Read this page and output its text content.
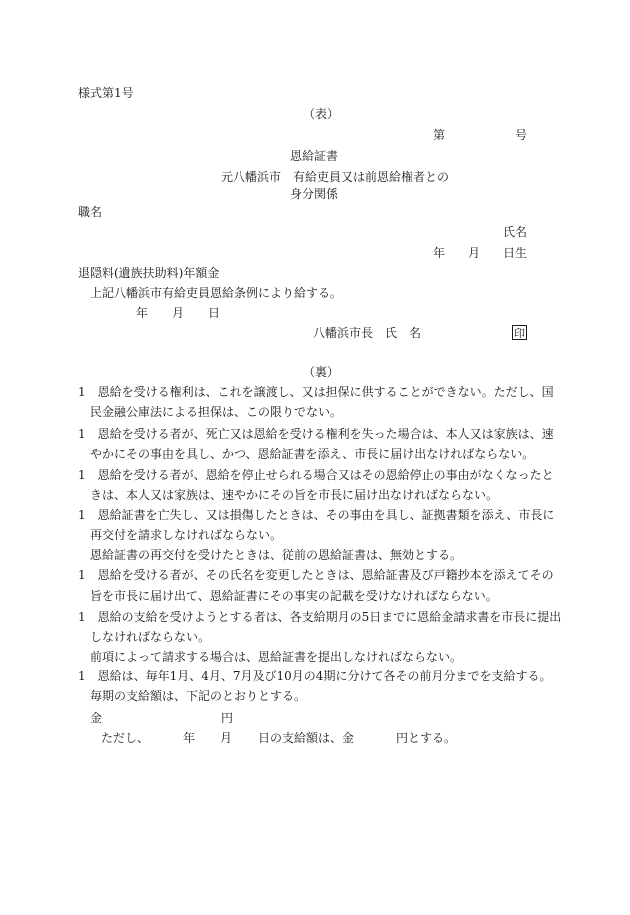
様式第1号
（表）
第	号
恩給証書
元八幡浜市　有給吏員又は前恩給権者との
身分関係
職名
氏名
年 月 日生
退隠料(遺族扶助料)年額金
上記八幡浜市有給吏員恩給条例により給する。
年 月 日
八幡浜市長　氏　名	印
（裏）
1　恩給を受ける権利は、これを譲渡し、又は担保に供することができない。ただし、国
民金融公庫法による担保は、この限りでない。
1　恩給を受ける者が、死亡又は恩給を受ける権利を失った場合は、本人又は家族は、速
やかにその事由を具し、かつ、恩給証書を添え、市長に届け出なければならない。
1　恩給を受ける者が、恩給を停止せられる場合又はその恩給停止の事由がなくなったと
きは、本人又は家族は、速やかにその旨を市長に届け出なければならない。
1　恩給証書を亡失し、又は損傷したときは、その事由を具し、証拠書類を添え、市長に
再交付を請求しなければならない。
恩給証書の再交付を受けたときは、従前の恩給証書は、無効とする。
1　恩給を受ける者が、その氏名を変更したときは、恩給証書及び戸籍抄本を添えてその
旨を市長に届け出て、恩給証書にその事実の記載を受けなければならない。
1　恩給の支給を受けようとする者は、各支給期月の5日までに恩給金請求書を市長に提出
しなければならない。
前項によって請求する場合は、恩給証書を提出しなければならない。
1　恩給は、毎年1月、4月、7月及び10月の4期に分けて各その前月分までを支給する。
毎期の支給額は、下記のとおりとする。
金	円
ただし、	年 月 日の支給額は、金	円とする。
